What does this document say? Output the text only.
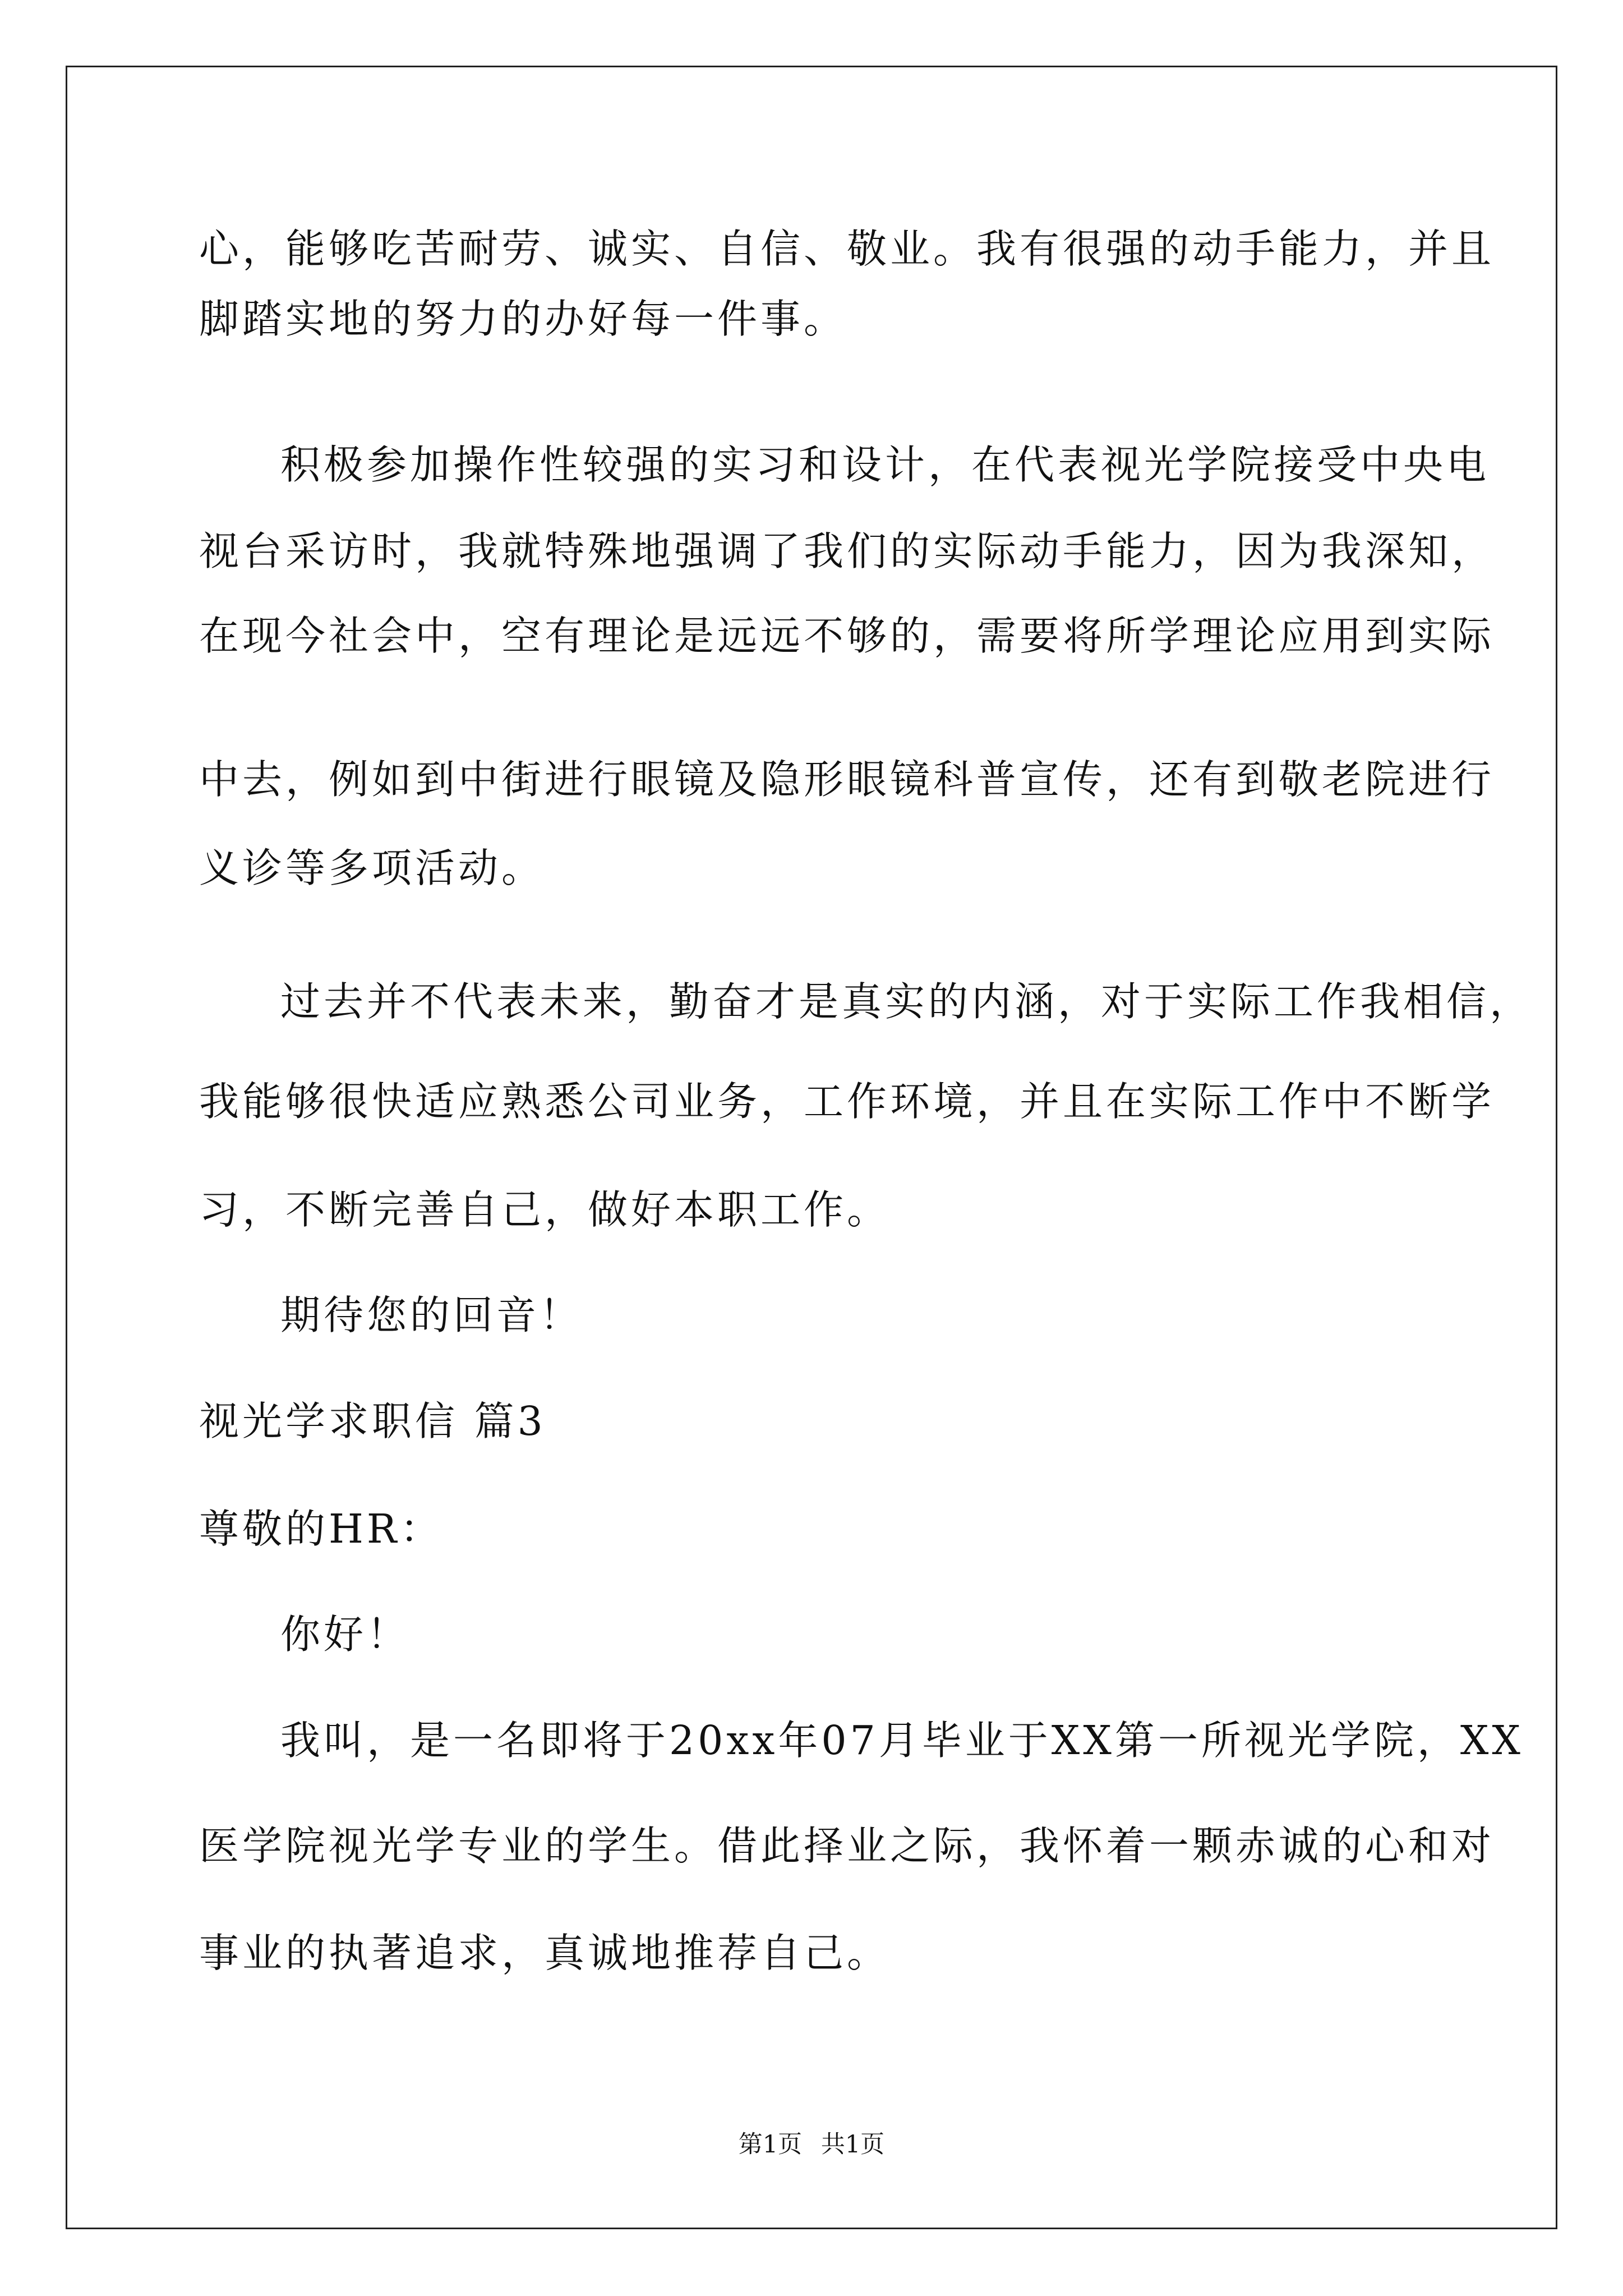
心，能够吃苦耐劳、诚实、自信、敬业。我有很强的动手能力，并且
脚踏实地的努力的办好每一件事。
积极参加操作性较强的实习和设计，在代表视光学院接受中央电
视台采访时，我就特殊地强调了我们的实际动手能力，因为我深知，
在现今社会中，空有理论是远远不够的，需要将所学理论应用到实际
中去，例如到中街进行眼镜及隐形眼镜科普宣传，还有到敬老院进行
义诊等多项活动。
过去并不代表未来，勤奋才是真实的内涵，对于实际工作我相信，
我能够很快适应熟悉公司业务，工作环境，并且在实际工作中不断学
习，不断完善自己，做好本职工作。
期待您的回音！
视光学求职信 篇3
尊敬的HR：
你好！
我叫，是一名即将于20xx年07月毕业于XX第一所视光学院，XX
医学院视光学专业的学生。借此择业之际，我怀着一颗赤诚的心和对
事业的执著追求，真诚地推荐自己。
第1页 共1页
